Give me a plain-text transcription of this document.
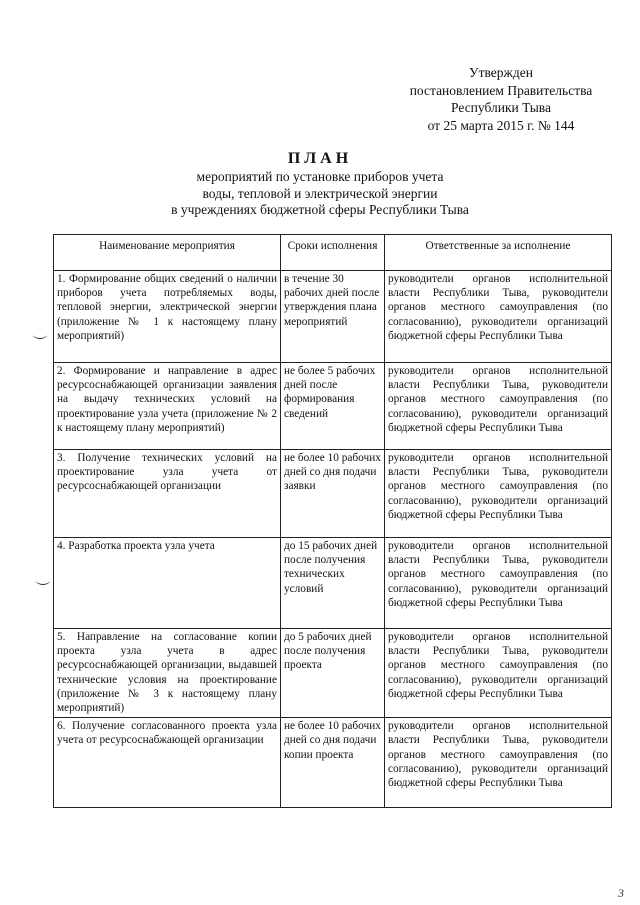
Утвержден
постановлением Правительства
Республики Тыва
от 25 марта 2015 г. № 144
ПЛАН
мероприятий по установке приборов учета
воды, тепловой и электрической энергии
в учреждениях бюджетной сферы Республики Тыва
Наименование мероприятия	Сроки исполнения	Ответственные за исполнение
1. Формирование общих сведений о наличии приборов учета потребляемых воды, тепловой энергии, электрической энергии (приложение № 1 к настоящему плану мероприятий)	в течение 30 рабочих дней после утверждения плана мероприятий	руководители органов исполнительной власти Республики Тыва, руководители органов местного самоуправления (по согласованию), руководители организаций бюджетной сферы Республики Тыва
2. Формирование и направление в адрес ресурсоснабжающей организации заявления на выдачу технических условий на проектирование узла учета (приложение № 2 к настоящему плану мероприятий)	не более 5 рабочих дней после формирования сведений	руководители органов исполнительной власти Республики Тыва, руководители органов местного самоуправления (по согласованию), руководители организаций бюджетной сферы Республики Тыва
3. Получение технических условий на проектирование узла учета от ресурсоснабжающей организации	не более 10 рабочих дней со дня подачи заявки	руководители органов исполнительной власти Республики Тыва, руководители органов местного самоуправления (по согласованию), руководители организаций бюджетной сферы Республики Тыва
4. Разработка проекта узла учета	до 15 рабочих дней после получения технических условий	руководители органов исполнительной власти Республики Тыва, руководители органов местного самоуправления (по согласованию), руководители организаций бюджетной сферы Республики Тыва
5. Направление на согласование копии проекта узла учета в адрес ресурсоснабжающей организации, выдавшей технические условия на проектирование (приложение № 3 к настоящему плану мероприятий)	до 5 рабочих дней после получения проекта	руководители органов исполнительной власти Республики Тыва, руководители органов местного самоуправления (по согласованию), руководители организаций бюджетной сферы Республики Тыва
6. Получение согласованного проекта узла учета от ресурсоснабжающей организации	не более 10 рабочих дней со дня подачи копии проекта	руководители органов исполнительной власти Республики Тыва, руководители органов местного самоуправления (по согласованию), руководители организаций бюджетной сферы Республики Тыва
3
